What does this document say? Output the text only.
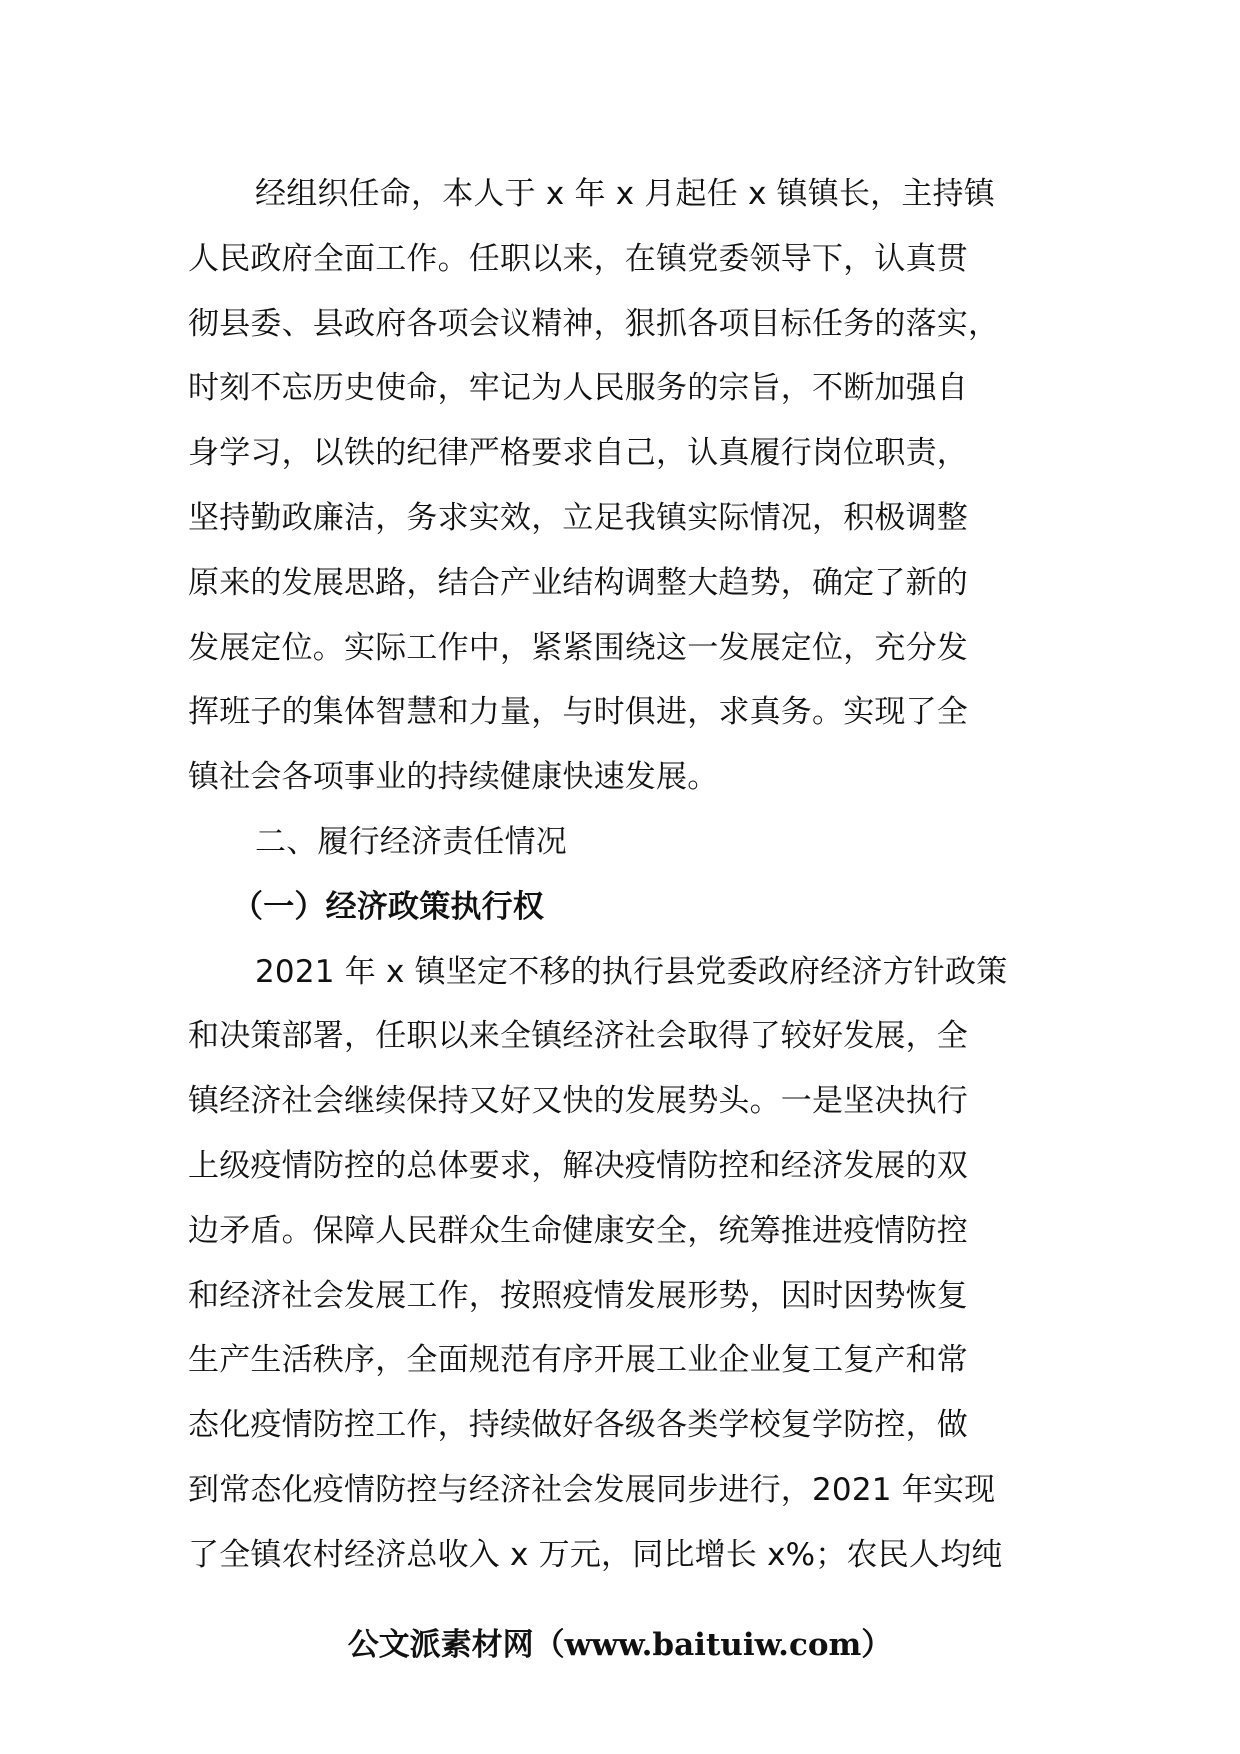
经组织任命，本人于 x 年 x 月起任 x 镇镇长，主持镇
人民政府全面工作。任职以来，在镇党委领导下，认真贯
彻县委、县政府各项会议精神，狠抓各项目标任务的落实，
时刻不忘历史使命，牢记为人民服务的宗旨，不断加强自
身学习，以铁的纪律严格要求自己，认真履行岗位职责，
坚持勤政廉洁，务求实效，立足我镇实际情况，积极调整
原来的发展思路，结合产业结构调整大趋势，确定了新的
发展定位。实际工作中，紧紧围绕这一发展定位，充分发
挥班子的集体智慧和力量，与时俱进，求真务。实现了全
镇社会各项事业的持续健康快速发展。
二、履行经济责任情况
（一）经济政策执行权
2021 年 x 镇坚定不移的执行县党委政府经济方针政策
和决策部署，任职以来全镇经济社会取得了较好发展，全
镇经济社会继续保持又好又快的发展势头。一是坚决执行
上级疫情防控的总体要求，解决疫情防控和经济发展的双
边矛盾。保障人民群众生命健康安全，统筹推进疫情防控
和经济社会发展工作，按照疫情发展形势，因时因势恢复
生产生活秩序，全面规范有序开展工业企业复工复产和常
态化疫情防控工作，持续做好各级各类学校复学防控，做
到常态化疫情防控与经济社会发展同步进行，2021 年实现
了全镇农村经济总收入 x 万元，同比增长 x%；农民人均纯
公文派素材网（www.baituiw.com）
